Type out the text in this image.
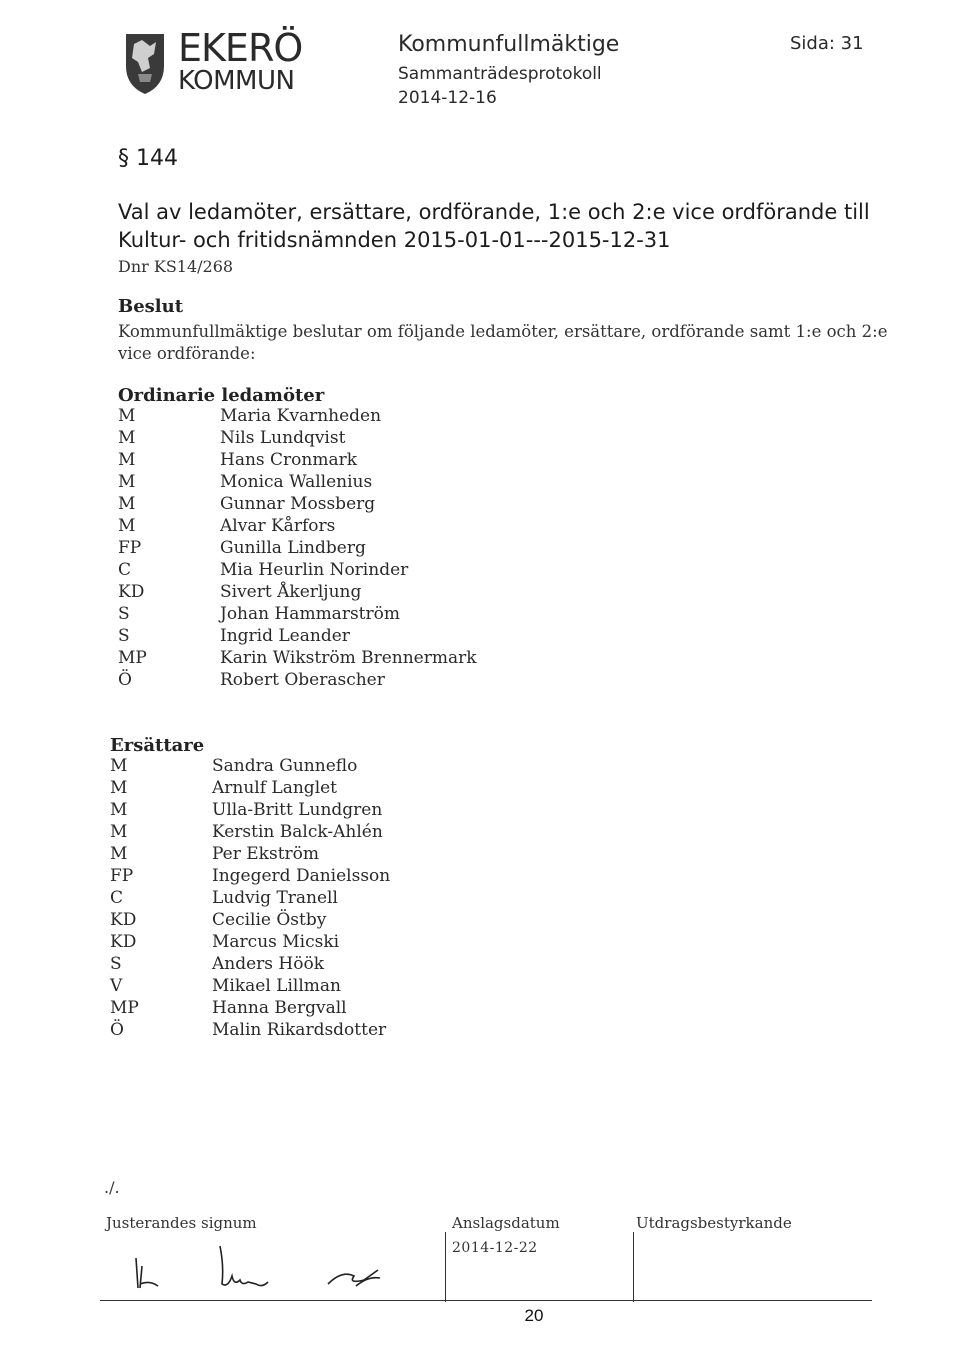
EKERÖ
KOMMUN
Kommunfullmäktige
Sammanträdesprotokoll
2014-12-16
Sida: 31
§ 144
Val av ledamöter, ersättare, ordförande, 1:e och 2:e vice ordförande till
Kultur- och fritidsnämnden 2015-01-01---2015-12-31
Dnr KS14/268
Beslut
Kommunfullmäktige beslutar om följande ledamöter, ersättare, ordförande samt 1:e och 2:e vice ordförande:
Ordinarie ledamöter
M	Maria Kvarnheden
M	Nils Lundqvist
M	Hans Cronmark
M	Monica Wallenius
M	Gunnar Mossberg
M	Alvar Kårfors
FP	Gunilla Lindberg
C	Mia Heurlin Norinder
KD	Sivert Åkerljung
S	Johan Hammarström
S	Ingrid Leander
MP	Karin Wikström Brennermark
Ö	Robert Oberascher
Ersättare
M	Sandra Gunneflo
M	Arnulf Langlet
M	Ulla-Britt Lundgren
M	Kerstin Balck-Ahlén
M	Per Ekström
FP	Ingegerd Danielsson
C	Ludvig Tranell
KD	Cecilie Östby
KD	Marcus Micski
S	Anders Höök
V	Mikael Lillman
MP	Hanna Bergvall
Ö	Malin Rikardsdotter
./.
Justerandes signum	Anslagsdatum
2014-12-22
Utdragsbestyrkande
20
